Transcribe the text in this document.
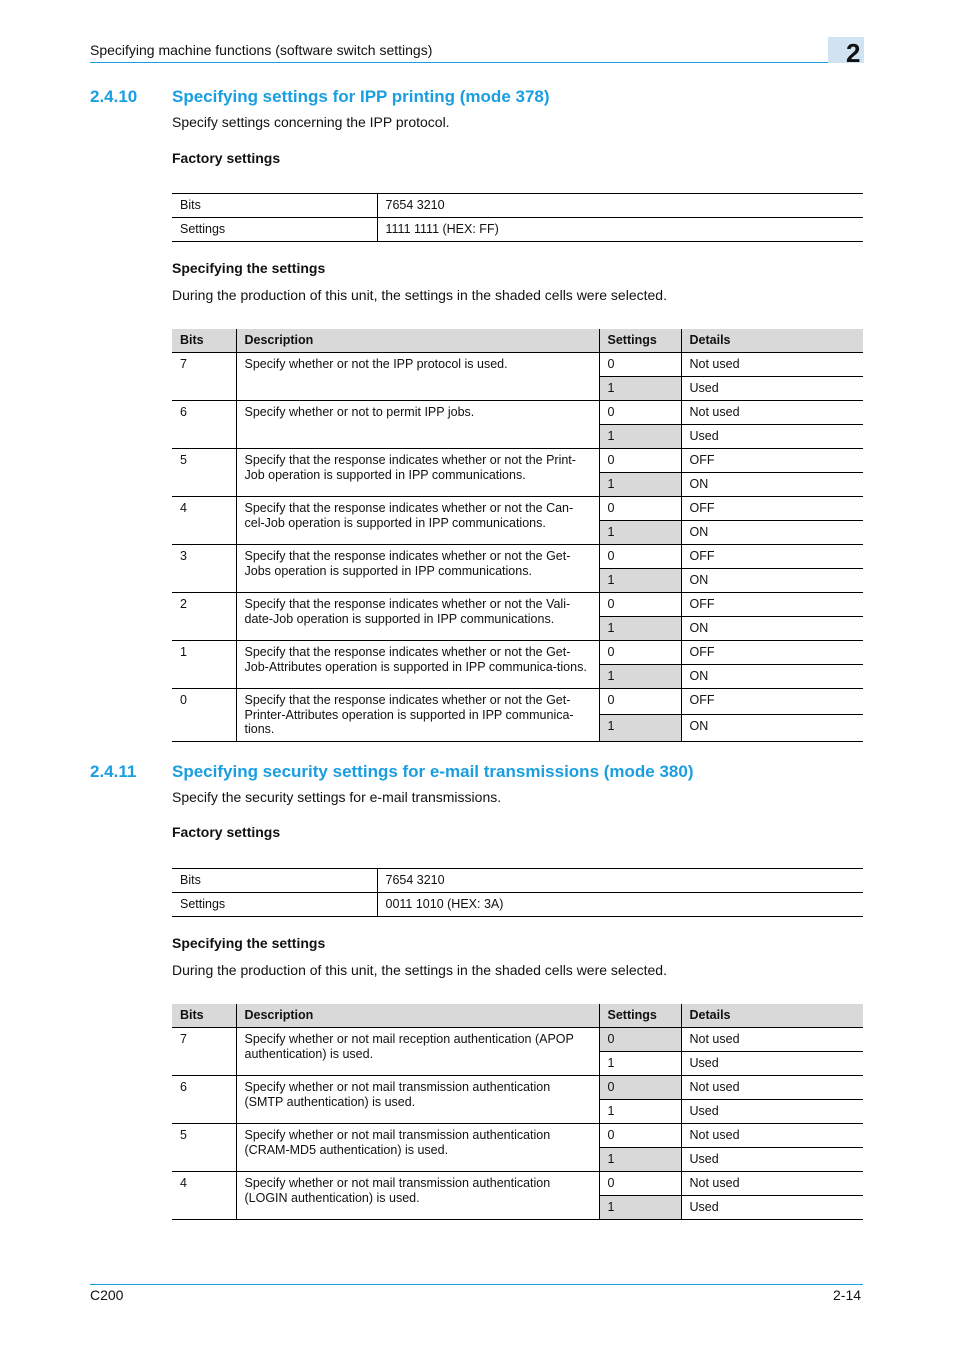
Specifying machine functions (software switch settings)	2
2.4.10 Specifying settings for IPP printing (mode 378)
Specify settings concerning the IPP protocol.
Factory settings
Bits	7654 3210
Settings	1111 1111 (HEX: FF)
Specifying the settings
During the production of this unit, the settings in the shaded cells were selected.
Bits	Description	Settings	Details
7	Specify whether or not the IPP protocol is used.	0	Not used
		1	Used
6	Specify whether or not to permit IPP jobs.	0	Not used
		1	Used
5	Specify that the response indicates whether or not the Print-Job operation is supported in IPP communications.	0	OFF
		1	ON
4	Specify that the response indicates whether or not the Can-cel-Job operation is supported in IPP communications.	0	OFF
		1	ON
3	Specify that the response indicates whether or not the Get-Jobs operation is supported in IPP communications.	0	OFF
		1	ON
2	Specify that the response indicates whether or not the Vali-date-Job operation is supported in IPP communications.	0	OFF
		1	ON
1	Specify that the response indicates whether or not the Get-Job-Attributes operation is supported in IPP communica-tions.	0	OFF
		1	ON
0	Specify that the response indicates whether or not the Get-Printer-Attributes operation is supported in IPP communica-tions.	0	OFF
		1	ON
2.4.11 Specifying security settings for e-mail transmissions (mode 380)
Specify the security settings for e-mail transmissions.
Factory settings
Bits	7654 3210
Settings	0011 1010 (HEX: 3A)
Specifying the settings
During the production of this unit, the settings in the shaded cells were selected.
Bits	Description	Settings	Details
7	Specify whether or not mail reception authentication (APOP authentication) is used.	0	Not used
		1	Used
6	Specify whether or not mail transmission authentication (SMTP authentication) is used.	0	Not used
		1	Used
5	Specify whether or not mail transmission authentication (CRAM-MD5 authentication) is used.	0	Not used
		1	Used
4	Specify whether or not mail transmission authentication (LOGIN authentication) is used.	0	Not used
		1	Used
C200	2-14
